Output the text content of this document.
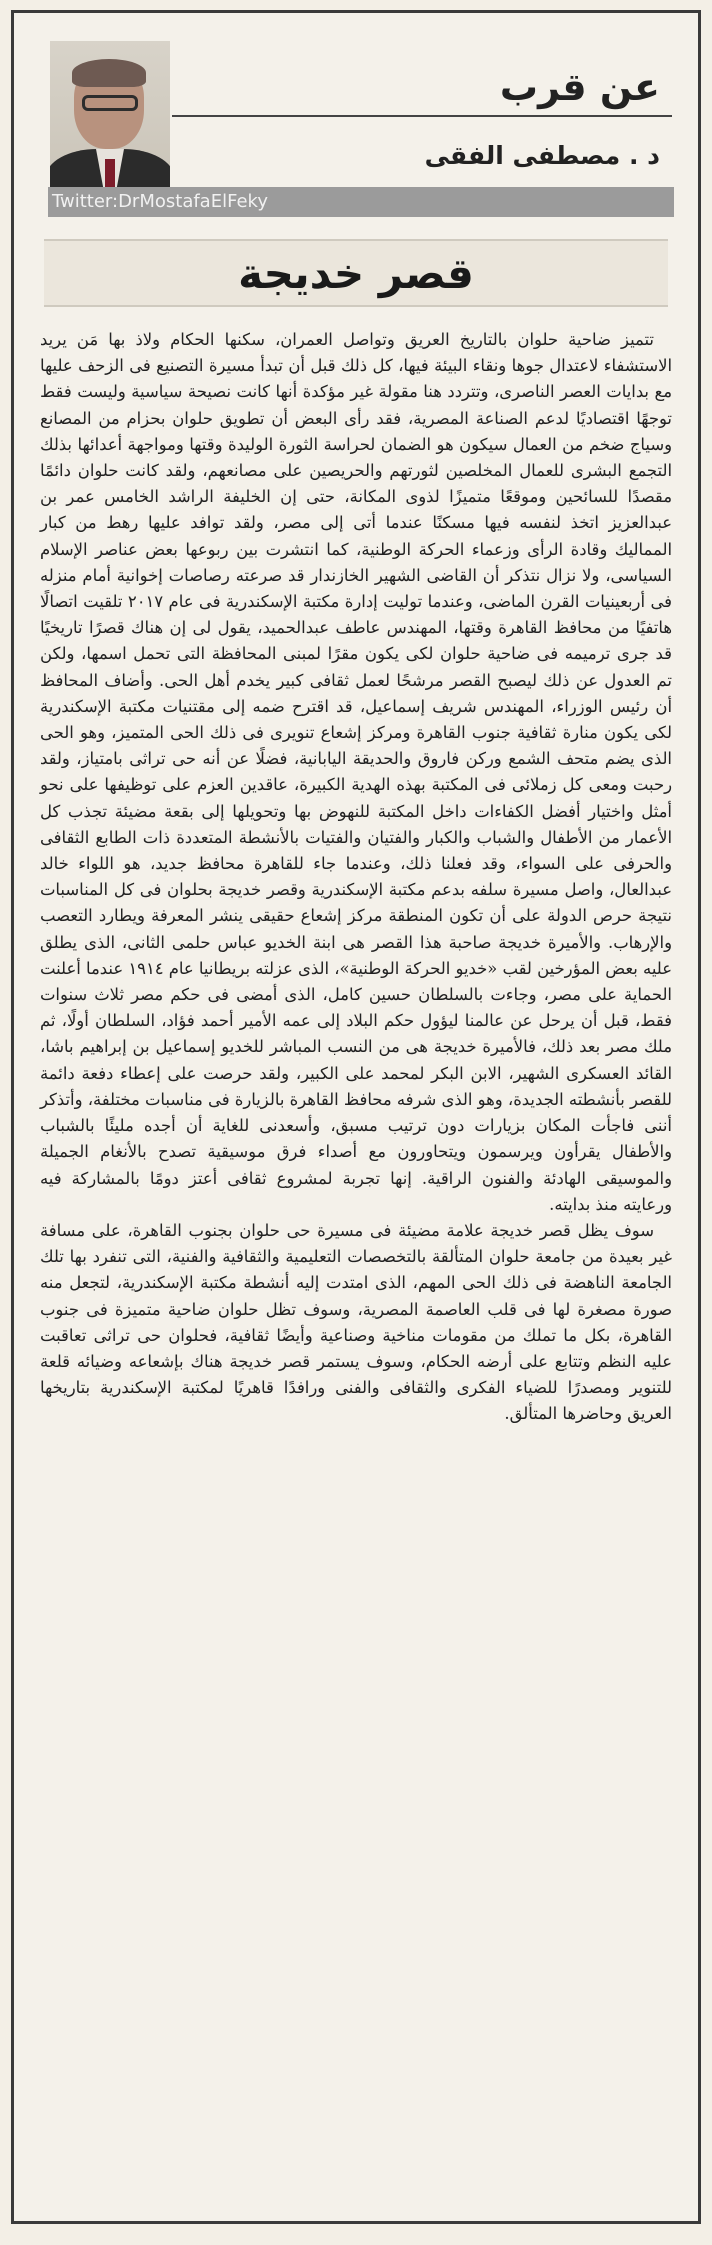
عن قرب
د . مصطفى الفقى
Twitter:DrMostafaElFeky
قصر خديجة

تتميز ضاحية حلوان بالتاريخ العريق وتواصل العمران، سكنها الحكام ولاذ بها مَن يريد الاستشفاء لاعتدال جوها ونقاء البيئة فيها، كل ذلك قبل أن تبدأ مسيرة التصنيع فى الزحف عليها مع بدايات العصر الناصرى، وتتردد هنا مقولة غير مؤكدة أنها كانت نصيحة سياسية وليست فقط توجهًا اقتصاديًا لدعم الصناعة المصرية، فقد رأى البعض أن تطويق حلوان بحزام من المصانع وسياج ضخم من العمال سيكون هو الضمان لحراسة الثورة الوليدة وقتها ومواجهة أعدائها بذلك التجمع البشرى للعمال المخلصين لثورتهم والحريصين على مصانعهم، ولقد كانت حلوان دائمًا مقصدًا للسائحين وموقعًا متميزًا لذوى المكانة، حتى إن الخليفة الراشد الخامس عمر بن عبدالعزيز اتخذ لنفسه فيها مسكنًا عندما أتى إلى مصر، ولقد توافد عليها رهط من كبار المماليك وقادة الرأى وزعماء الحركة الوطنية، كما انتشرت بين ربوعها بعض عناصر الإسلام السياسى، ولا نزال نتذكر أن القاضى الشهير الخازندار قد صرعته رصاصات إخوانية أمام منزله فى أربعينيات القرن الماضى، وعندما توليت إدارة مكتبة الإسكندرية فى عام ٢٠١٧ تلقيت اتصالًا هاتفيًا من محافظ القاهرة وقتها، المهندس عاطف عبدالحميد، يقول لى إن هناك قصرًا تاريخيًا قد جرى ترميمه فى ضاحية حلوان لكى يكون مقرًا لمبنى المحافظة التى تحمل اسمها، ولكن تم العدول عن ذلك ليصبح القصر مرشحًا لعمل ثقافى كبير يخدم أهل الحى. وأضاف المحافظ أن رئيس الوزراء، المهندس شريف إسماعيل، قد اقترح ضمه إلى مقتنيات مكتبة الإسكندرية لكى يكون منارة ثقافية جنوب القاهرة ومركز إشعاع تنويرى فى ذلك الحى المتميز، وهو الحى الذى يضم متحف الشمع وركن فاروق والحديقة اليابانية، فضلًا عن أنه حى تراثى بامتياز، ولقد رحبت ومعى كل زملائى فى المكتبة بهذه الهدية الكبيرة، عاقدين العزم على توظيفها على نحو أمثل واختيار أفضل الكفاءات داخل المكتبة للنهوض بها وتحويلها إلى بقعة مضيئة تجذب كل الأعمار من الأطفال والشباب والكبار والفتيان والفتيات بالأنشطة المتعددة ذات الطابع الثقافى والحرفى على السواء، وقد فعلنا ذلك، وعندما جاء للقاهرة محافظ جديد، هو اللواء خالد عبدالعال، واصل مسيرة سلفه بدعم مكتبة الإسكندرية وقصر خديجة بحلوان فى كل المناسبات نتيجة حرص الدولة على أن تكون المنطقة مركز إشعاع حقيقى ينشر المعرفة ويطارد التعصب والإرهاب. والأميرة خديجة صاحبة هذا القصر هى ابنة الخديو عباس حلمى الثانى، الذى يطلق عليه بعض المؤرخين لقب «خديو الحركة الوطنية»، الذى عزلته بريطانيا عام ١٩١٤ عندما أعلنت الحماية على مصر، وجاءت بالسلطان حسين كامل، الذى أمضى فى حكم مصر ثلاث سنوات فقط، قبل أن يرحل عن عالمنا ليؤول حكم البلاد إلى عمه الأمير أحمد فؤاد، السلطان أولًا، ثم ملك مصر بعد ذلك، فالأميرة خديجة هى من النسب المباشر للخديو إسماعيل بن إبراهيم باشا، القائد العسكرى الشهير، الابن البكر لمحمد على الكبير، ولقد حرصت على إعطاء دفعة دائمة للقصر بأنشطته الجديدة، وهو الذى شرفه محافظ القاهرة بالزيارة فى مناسبات مختلفة، وأتذكر أننى فاجأت المكان بزيارات دون ترتيب مسبق، وأسعدنى للغاية أن أجده مليئًا بالشباب والأطفال يقرأون ويرسمون ويتحاورون مع أصداء فرق موسيقية تصدح بالأنغام الجميلة والموسيقى الهادئة والفنون الراقية. إنها تجربة لمشروع ثقافى أعتز دومًا بالمشاركة فيه ورعايته منذ بدايته.

سوف يظل قصر خديجة علامة مضيئة فى مسيرة حى حلوان بجنوب القاهرة، على مسافة غير بعيدة من جامعة حلوان المتألقة بالتخصصات التعليمية والثقافية والفنية، التى تنفرد بها تلك الجامعة الناهضة فى ذلك الحى المهم، الذى امتدت إليه أنشطة مكتبة الإسكندرية، لتجعل منه صورة مصغرة لها فى قلب العاصمة المصرية، وسوف تظل حلوان ضاحية متميزة فى جنوب القاهرة، بكل ما تملك من مقومات مناخية وصناعية وأيضًا ثقافية، فحلوان حى تراثى تعاقبت عليه النظم وتتابع على أرضه الحكام، وسوف يستمر قصر خديجة هناك بإشعاعه وضيائه قلعة للتنوير ومصدرًا للضياء الفكرى والثقافى والفنى ورافدًا قاهريًا لمكتبة الإسكندرية بتاريخها العريق وحاضرها المتألق.
